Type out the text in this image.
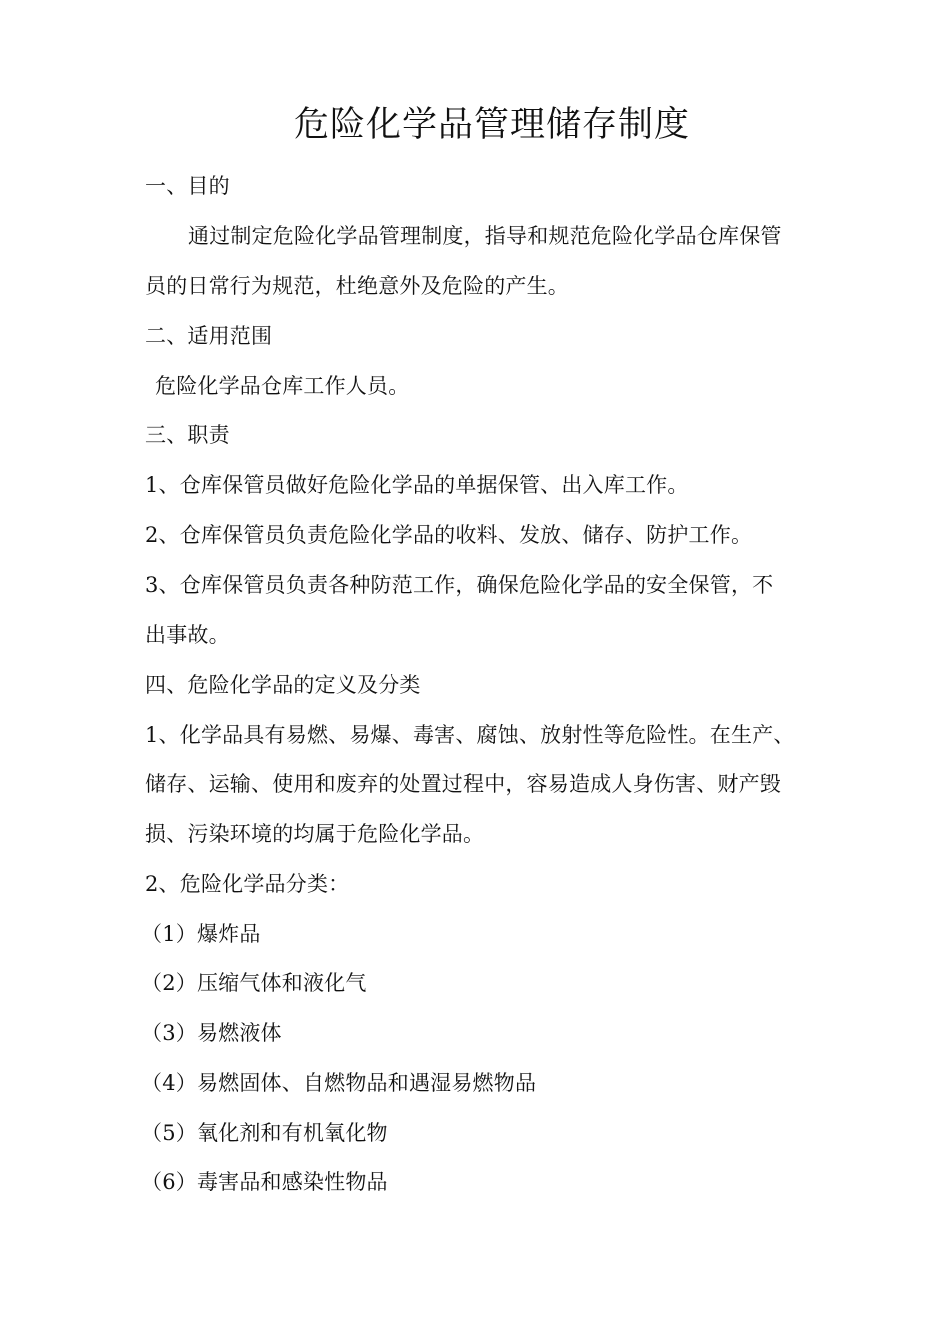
危险化学品管理储存制度
一、目的
通过制定危险化学品管理制度，指导和规范危险化学品仓库保管
员的日常行为规范，杜绝意外及危险的产生。
二、适用范围
危险化学品仓库工作人员。
三、职责
1、仓库保管员做好危险化学品的单据保管、出入库工作。
2、仓库保管员负责危险化学品的收料、发放、储存、防护工作。
3、仓库保管员负责各种防范工作，确保危险化学品的安全保管，不
出事故。
四、危险化学品的定义及分类
1、化学品具有易燃、易爆、毒害、腐蚀、放射性等危险性。在生产、
储存、运输、使用和废弃的处置过程中，容易造成人身伤害、财产毁
损、污染环境的均属于危险化学品。
2、危险化学品分类：
（1）爆炸品
（2）压缩气体和液化气
（3）易燃液体
（4）易燃固体、自燃物品和遇湿易燃物品
（5）氧化剂和有机氧化物
（6）毒害品和感染性物品
